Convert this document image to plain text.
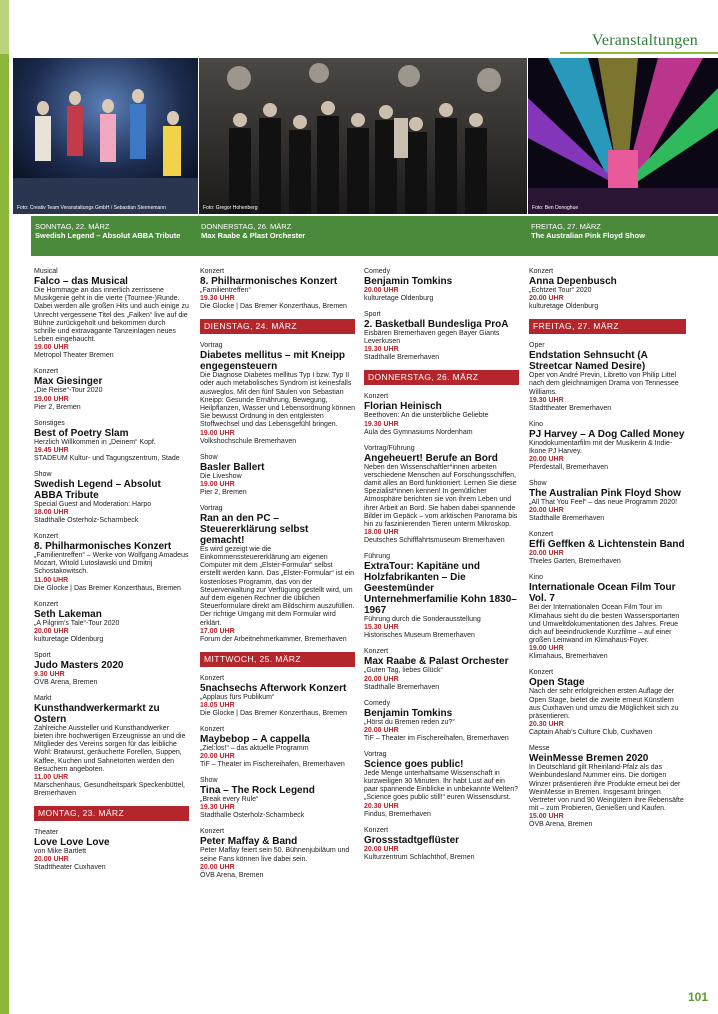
Veranstaltungen
Foto: Creativ Team Veranstaltungs GmbH / Sebastian Stermemann	Foto: Gregor Hohenberg	Foto: Ben Donoghue
SONNTAG, 22. MÄRZ
Swedish Legend – Absolut ABBA Tribute
DONNERSTAG, 26. MÄRZ
Max Raabe & Plast Orchester
FREITAG, 27. MÄRZ
The Australian Pink Floyd Show
Musical
Falco – das Musical
Die Hommage an das innerlich zerrissene Musikgenie geht in die vierte (Tournee-)Runde. Dabei werden alle großen Hits und auch einige zu Unrecht vergessene Titel des „Falken“ live auf die Bühne zurückgeholt und bekommen durch schrille und extravagante Tanzeinlagen neues Leben eingehaucht.
19.00 UHR
Metropol Theater Bremen
Konzert
Max Giesinger
„Die Reise“-Tour 2020
19.00 UHR
Pier 2, Bremen
Sonstiges
Best of Poetry Slam
Herzlich Willkommen in „Deinem“ Kopf.
19.45 UHR
STADEUM Kultur- und Tagungszentrum, Stade
Show
Swedish Legend – Absolut ABBA Tribute
Special Guest and Moderation: Harpo
18.00 UHR
Stadthalle Osterholz-Scharmbeck
Konzert
8. Philharmonisches Konzert
„Familientreffen“ – Werke von Wolfgang Amadeus Mozart, Witold Lutosławski und Dmitrij Schostakowitsch.
11.00 UHR
Die Glocke | Das Bremer Konzerthaus, Bremen
Konzert
Seth Lakeman
„A Pilgrim’s Tale“-Tour 2020
20.00 UHR
kulturetage Oldenburg
Sport
Judo Masters 2020
9.30 UHR
ÖVB Arena, Bremen
Markt
Kunsthandwerkermarkt zu Ostern
Zahlreiche Aussteller und Kunsthandwerker bieten ihre hochwertigen Erzeugnisse an und die Mitglieder des Vereins sorgen für das leibliche Wohl: Bratwurst, geräucherte Forellen, Suppen, Kaffee, Kuchen und Sahnetorten werden den Besuchern angeboten.
11.00 UHR
Marschenhaus, Gesundheitspark Speckenbüttel, Bremerhaven
MONTAG, 23. MÄRZ
Theater
Love Love Love
von Mike Bartlett
20.00 UHR
Stadttheater Cuxhaven
Konzert
8. Philharmonisches Konzert
„Familientreffen“
19.30 UHR
Die Glocke | Das Bremer Konzerthaus, Bremen
DIENSTAG, 24. MÄRZ
Vortrag
Diabetes mellitus – mit Kneipp engegensteuern
Die Diagnose Diabetes mellitus Typ I bzw. Typ II oder auch metabolisches Syndrom ist keinesfalls ausweglos. Mit den fünf Säulen von Sebastian Kneipp: Gesunde Ernährung, Bewegung, Heilpflanzen, Wasser und Lebensordnung können Sie bewusst Ordnung in den entgleisten Stoffwechsel und das Lebensgefühl bringen.
19.00 UHR
Volkshochschule Bremerhaven
Show
Basler Ballert
Die Liveshow
19.00 UHR
Pier 2, Bremen
Vortrag
Ran an den PC – Steuererklärung selbst gemacht!
Es wird gezeigt wie die Einkommenssteuererklärung am eigenen Computer mit dem „Elster-Formular“ selbst erstellt werden kann. Das „Elster-Formular“ ist ein kostenloses Programm, das von der Steuerverwaltung zur Verfügung gestellt wird, um auf dem eigenen Rechner die üblichen Steuerformulare direkt am Bildschirm auszufüllen. Der richtige Umgang mit dem Formular wird erklärt.
17.00 UHR
Forum der Arbeitnehmerkammer, Bremerhaven
MITTWOCH, 25. MÄRZ
Konzert
5nachsechs Afterwork Konzert
„Applaus fürs Publikum“
18.05 UHR
Die Glocke | Das Bremer Konzerthaus, Bremen
Konzert
Maybebop – A cappella
„Ziel:los!“ – das aktuelle Programm
20.00 UHR
TiF – Theater im Fischereihafen, Bremerhaven
Show
Tina – The Rock Legend
„Break every Rule“
19.30 UHR
Stadthalle Osterholz-Scharmbeck
Konzert
Peter Maffay & Band
Peter Maffay feiert sein 50. Bühnenjubiläum und seine Fans können live dabei sein.
20.00 UHR
ÖVB Arena, Bremen
Comedy
Benjamin Tomkins
20.00 UHR
kulturetage Oldenburg
Sport
2. Basketball Bundesliga ProA
Eisbären Bremerhaven gegen Bayer Giants Leverkusen
19.30 UHR
Stadthalle Bremerhaven
DONNERSTAG, 26. MÄRZ
Konzert
Florian Heinisch
Beethoven: An die unsterbliche Geliebte
19.30 UHR
Aula des Gymnasiums Nordenham
Vortrag/Führung
Angeheuert! Berufe an Bord
Neben den Wissenschaftler*innen arbeiten verschiedene Menschen auf Forschungsschiffen, damit alles an Bord funktioniert. Lernen Sie diese Spezialist*innen kennen! In gemütlicher Atmosphäre berichten sie von ihrem Leben und ihrer Arbeit an Bord. Sie haben dabei spannende Bilder im Gepäck – vom arktischen Panorama bis hin zu faszinierenden Tieren unterm Mikroskop.
18.00 UHR
Deutsches Schifffahrtsmuseum Bremerhaven
Führung
ExtraTour: Kapitäne und Holzfabrikanten – Die Geestemünder Unternehmerfamilie Kohn 1830–1967
Führung durch die Sonderausstellung
15.30 UHR
Historisches Museum Bremerhaven
Konzert
Max Raabe & Palast Orchester
„Guten Tag, liebes Glück“
20.00 UHR
Stadthalle Bremerhaven
Comedy
Benjamin Tomkins
„Hörst du Bremen reden zu?“
20.00 UHR
TiF – Theater im Fischereihafen, Bremerhaven
Vortrag
Science goes public!
Jede Menge unterhaltsame Wissenschaft in kurzweiligen 30 Minuten. Ihr habt Lust auf ein paar spannende Einblicke in unbekannte Welten? „Science goes public still!“ euren Wissensdurst.
20.30 UHR
Findus, Bremerhaven
Konzert
Grossstadtgeflüster
20.00 UHR
Kulturzentrum Schlachthof, Bremen
Konzert
Anna Depenbusch
„Echtzeit Tour“ 2020
20.00 UHR
kulturetage Oldenburg
FREITAG, 27. MÄRZ
Oper
Endstation Sehnsucht (A Streetcar Named Desire)
Oper von André Previn, Libretto von Philip Littel nach dem gleichnamigen Drama von Tennessee Williams.
19.30 UHR
Stadttheater Bremerhaven
Kino
PJ Harvey – A Dog Called Money
Kinodokumentarfilm mit der Musikerin & Indie-Ikone PJ Harvey.
20.00 UHR
Pferdestall, Bremerhaven
Show
The Australian Pink Floyd Show
„All That You Feel“ – das neue Programm 2020!
20.00 UHR
Stadthalle Bremerhaven
Konzert
Effi Geffken & Lichtenstein Band
20.00 UHR
Thieles Garten, Bremerhaven
Kino
Internationale Ocean Film Tour Vol. 7
Bei der Internationalen Ocean Film Tour im Klimahaus sieht du die besten Wassersportarten und Umweltdokumentationen des Jahres. Freue dich auf beeindruckende Kurzfilme – auf einer großen Leinwand im Klimahaus-Foyer.
19.00 UHR
Klimahaus, Bremerhaven
Konzert
Open Stage
Nach der sehr erfolgreichen ersten Auflage der Open Stage, bietet die zweite erneut Künstlern aus Cuxhaven und umzu die Möglichkeit sich zu präsentieren.
20.30 UHR
Captain Ahab’s Culture Club, Cuxhaven
Messe
WeinMesse Bremen 2020
In Deutschland gilt Rheinland-Pfalz als das Weinbundesland Nummer eins. Die dortigen Winzer präsentieren ihre Produkte erneut bei der WeinMesse in Bremen. Insgesamt bringen Vertreter von rund 90 Weingütern ihre Rebensäfte mit – zum Probieren, Genießen und Kaufen.
15.00 UHR
ÖVB Arena, Bremen
101
